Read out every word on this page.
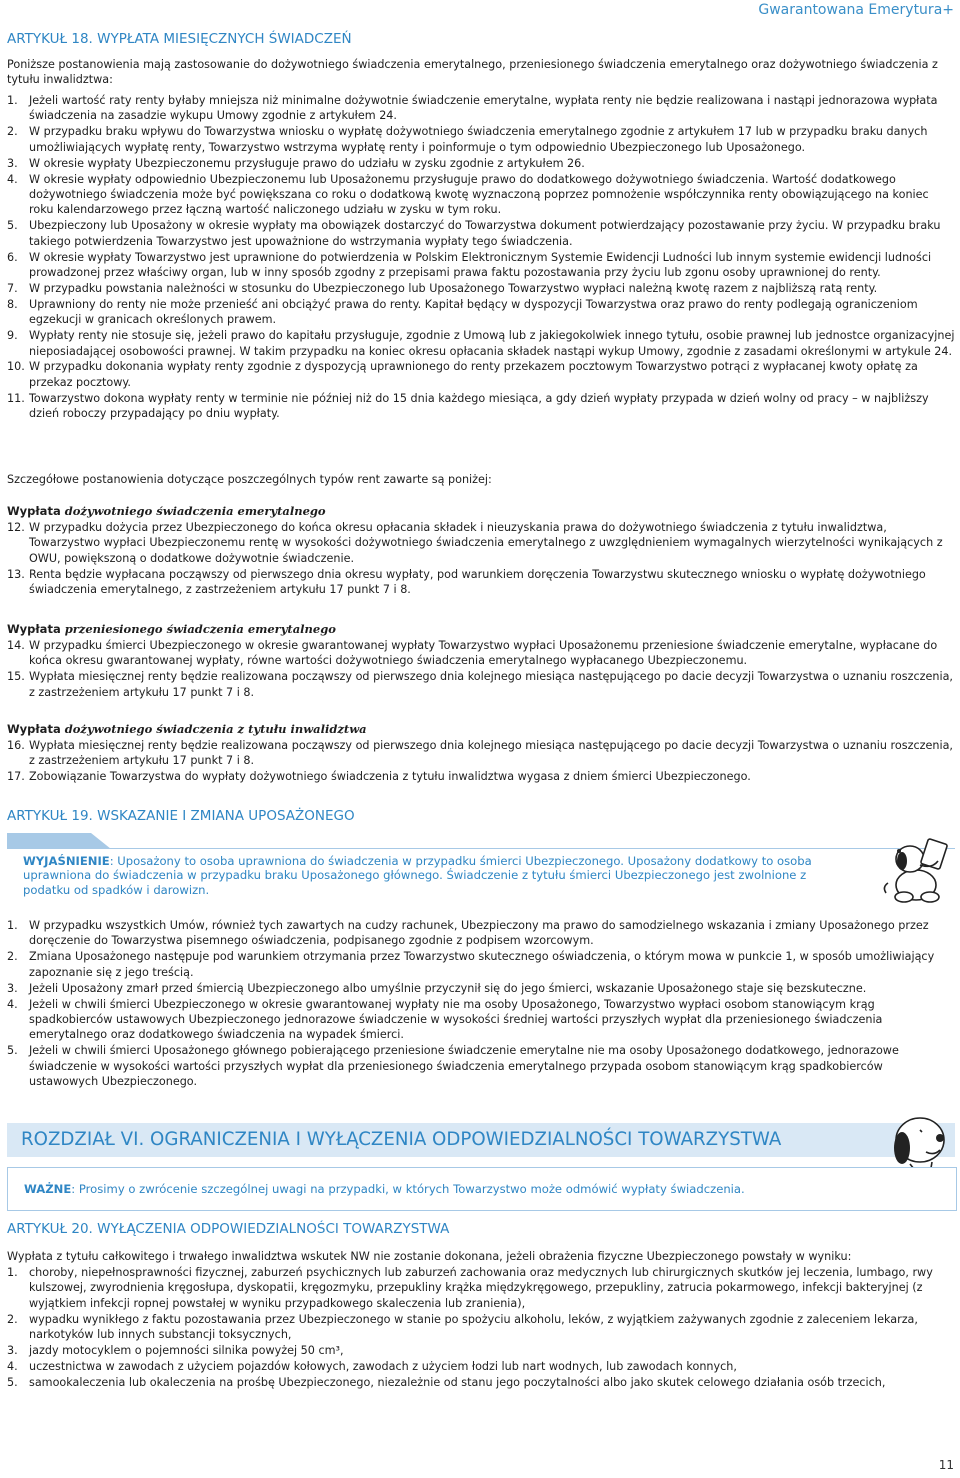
Gwarantowana Emerytura+
ARTYKUŁ 18. WYPŁATA MIESIĘCZNYCH ŚWIADCZEŃ
Poniższe postanowienia mają zastosowanie do dożywotniego świadczenia emerytalnego, przeniesionego świadczenia emerytalnego oraz dożywotniego świadczenia z tytułu inwalidztwa:
1. Jeżeli wartość raty renty byłaby mniejsza niż minimalne dożywotnie świadczenie emerytalne, wypłata renty nie będzie realizowana i nastąpi jednorazowa wypłata świadczenia na zasadzie wykupu Umowy zgodnie z artykułem 24.
2. W przypadku braku wpływu do Towarzystwa wniosku o wypłatę dożywotniego świadczenia emerytalnego zgodnie z artykułem 17 lub w przypadku braku danych umożliwiających wypłatę renty, Towarzystwo wstrzyma wypłatę renty i poinformuje o tym odpowiednio Ubezpieczonego lub Uposażonego.
3. W okresie wypłaty Ubezpieczonemu przysługuje prawo do udziału w zysku zgodnie z artykułem 26.
4. W okresie wypłaty odpowiednio Ubezpieczonemu lub Uposażonemu przysługuje prawo do dodatkowego dożywotniego świadczenia. Wartość dodatkowego dożywotniego świadczenia może być powiększana co roku o dodatkową kwotę wyznaczoną poprzez pomnożenie współczynnika renty obowiązującego na koniec roku kalendarzowego przez łączną wartość naliczonego udziału w zysku w tym roku.
5. Ubezpieczony lub Uposażony w okresie wypłaty ma obowiązek dostarczyć do Towarzystwa dokument potwierdzający pozostawanie przy życiu. W przypadku braku takiego potwierdzenia Towarzystwo jest upoważnione do wstrzymania wypłaty tego świadczenia.
6. W okresie wypłaty Towarzystwo jest uprawnione do potwierdzenia w Polskim Elektronicznym Systemie Ewidencji Ludności lub innym systemie ewidencji ludności prowadzonej przez właściwy organ, lub w inny sposób zgodny z przepisami prawa faktu pozostawania przy życiu lub zgonu osoby uprawnionej do renty.
7. W przypadku powstania należności w stosunku do Ubezpieczonego lub Uposażonego Towarzystwo wypłaci należną kwotę razem z najbliższą ratą renty.
8. Uprawniony do renty nie może przenieść ani obciążyć prawa do renty. Kapitał będący w dyspozycji Towarzystwa oraz prawo do renty podlegają ograniczeniom egzekucji w granicach określonych prawem.
9. Wypłaty renty nie stosuje się, jeżeli prawo do kapitału przysługuje, zgodnie z Umową lub z jakiegokolwiek innego tytułu, osobie prawnej lub jednostce organizacyjnej nieposiadającej osobowości prawnej. W takim przypadku na koniec okresu opłacania składek nastąpi wykup Umowy, zgodnie z zasadami określonymi w artykule 24.
10. W przypadku dokonania wypłaty renty zgodnie z dyspozycją uprawnionego do renty przekazem pocztowym Towarzystwo potrąci z wypłacanej kwoty opłatę za przekaz pocztowy.
11. Towarzystwo dokona wypłaty renty w terminie nie później niż do 15 dnia każdego miesiąca, a gdy dzień wypłaty przypada w dzień wolny od pracy – w najbliższy dzień roboczy przypadający po dniu wypłaty.
Szczegółowe postanowienia dotyczące poszczególnych typów rent zawarte są poniżej:
Wypłata dożywotniego świadczenia emerytalnego
12. W przypadku dożycia przez Ubezpieczonego do końca okresu opłacania składek i nieuzyskania prawa do dożywotniego świadczenia z tytułu inwalidztwa, Towarzystwo wypłaci Ubezpieczonemu rentę w wysokości dożywotniego świadczenia emerytalnego z uwzględnieniem wymagalnych wierzytelności wynikających z OWU, powiększoną o dodatkowe dożywotnie świadczenie.
13. Renta będzie wypłacana począwszy od pierwszego dnia okresu wypłaty, pod warunkiem doręczenia Towarzystwu skutecznego wniosku o wypłatę dożywotniego świadczenia emerytalnego, z zastrzeżeniem artykułu 17 punkt 7 i 8.
Wypłata przeniesionego świadczenia emerytalnego
14. W przypadku śmierci Ubezpieczonego w okresie gwarantowanej wypłaty Towarzystwo wypłaci Uposażonemu przeniesione świadczenie emerytalne, wypłacane do końca okresu gwarantowanej wypłaty, równe wartości dożywotniego świadczenia emerytalnego wypłacanego Ubezpieczonemu.
15. Wypłata miesięcznej renty będzie realizowana począwszy od pierwszego dnia kolejnego miesiąca następującego po dacie decyzji Towarzystwa o uznaniu roszczenia, z zastrzeżeniem artykułu 17 punkt 7 i 8.
Wypłata dożywotniego świadczenia z tytułu inwalidztwa
16. Wypłata miesięcznej renty będzie realizowana począwszy od pierwszego dnia kolejnego miesiąca następującego po dacie decyzji Towarzystwa o uznaniu roszczenia, z zastrzeżeniem artykułu 17 punkt 7 i 8.
17. Zobowiązanie Towarzystwa do wypłaty dożywotniego świadczenia z tytułu inwalidztwa wygasa z dniem śmierci Ubezpieczonego.
ARTYKUŁ 19. WSKAZANIE I ZMIANA UPOSAŻONEGO
WYJAŚNIENIE: Uposażony to osoba uprawniona do świadczenia w przypadku śmierci Ubezpieczonego. Uposażony dodatkowy to osoba uprawniona do świadczenia w przypadku braku Uposażonego głównego. Świadczenie z tytułu śmierci Ubezpieczonego jest zwolnione z podatku od spadków i darowizn.
1. W przypadku wszystkich Umów, również tych zawartych na cudzy rachunek, Ubezpieczony ma prawo do samodzielnego wskazania i zmiany Uposażonego przez doręczenie do Towarzystwa pisemnego oświadczenia, podpisanego zgodnie z podpisem wzorcowym.
2. Zmiana Uposażonego następuje pod warunkiem otrzymania przez Towarzystwo skutecznego oświadczenia, o którym mowa w punkcie 1, w sposób umożliwiający zapoznanie się z jego treścią.
3. Jeżeli Uposażony zmarł przed śmiercią Ubezpieczonego albo umyślnie przyczynił się do jego śmierci, wskazanie Uposażonego staje się bezskuteczne.
4. Jeżeli w chwili śmierci Ubezpieczonego w okresie gwarantowanej wypłaty nie ma osoby Uposażonego, Towarzystwo wypłaci osobom stanowiącym krąg spadkobierców ustawowych Ubezpieczonego jednorazowe świadczenie w wysokości średniej wartości przyszłych wypłat dla przeniesionego świadczenia emerytalnego oraz dodatkowego świadczenia na wypadek śmierci.
5. Jeżeli w chwili śmierci Uposażonego głównego pobierającego przeniesione świadczenie emerytalne nie ma osoby Uposażonego dodatkowego, jednorazowe świadczenie w wysokości wartości przyszłych wypłat dla przeniesionego świadczenia emerytalnego przypada osobom stanowiącym krąg spadkobierców ustawowych Ubezpieczonego.
ROZDZIAŁ VI. OGRANICZENIA I WYŁĄCZENIA ODPOWIEDZIALNOŚCI TOWARZYSTWA
WAŻNE: Prosimy o zwrócenie szczególnej uwagi na przypadki, w których Towarzystwo może odmówić wypłaty świadczenia.
ARTYKUŁ 20. WYŁĄCZENIA ODPOWIEDZIALNOŚCI TOWARZYSTWA
Wypłata z tytułu całkowitego i trwałego inwalidztwa wskutek NW nie zostanie dokonana, jeżeli obrażenia fizyczne Ubezpieczonego powstały w wyniku:
1. choroby, niepełnosprawności fizycznej, zaburzeń psychicznych lub zaburzeń zachowania oraz medycznych lub chirurgicznych skutków jej leczenia, lumbago, rwy kulszowej, zwyrodnienia kręgosłupa, dyskopatii, kręgozmyku, przepukliny krążka międzykręgowego, przepukliny, zatrucia pokarmowego, infekcji bakteryjnej (z wyjątkiem infekcji ropnej powstałej w wyniku przypadkowego skaleczenia lub zranienia),
2. wypadku wynikłego z faktu pozostawania przez Ubezpieczonego w stanie po spożyciu alkoholu, leków, z wyjątkiem zażywanych zgodnie z zaleceniem lekarza, narkotyków lub innych substancji toksycznych,
3. jazdy motocyklem o pojemności silnika powyżej 50 cm³,
4. uczestnictwa w zawodach z użyciem pojazdów kołowych, zawodach z użyciem łodzi lub nart wodnych, lub zawodach konnych,
5. samookaleczenia lub okaleczenia na prośbę Ubezpieczonego, niezależnie od stanu jego poczytalności albo jako skutek celowego działania osób trzecich,
11
